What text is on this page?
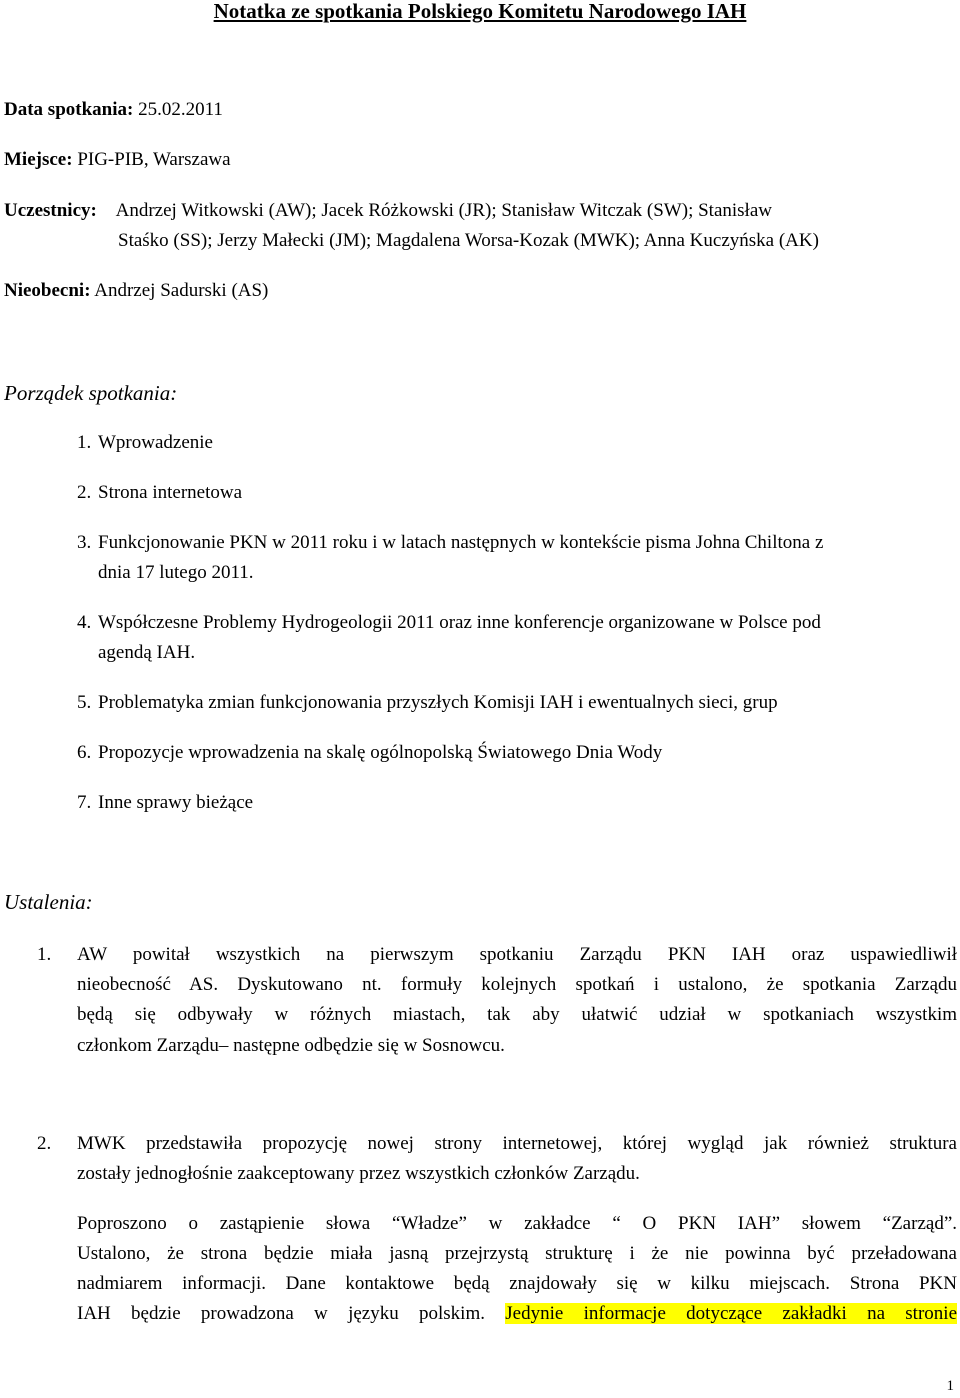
Notatka ze spotkania Polskiego Komitetu Narodowego IAH
Data spotkania: 25.02.2011
Miejsce: PIG-PIB, Warszawa
Uczestnicy: Andrzej Witkowski (AW); Jacek Różkowski (JR); Stanisław Witczak (SW); Stanisław
Staśko (SS); Jerzy Małecki (JM); Magdalena Worsa-Kozak (MWK); Anna Kuczyńska (AK)
Nieobecni: Andrzej Sadurski (AS)
Porządek spotkania:
1. Wprowadzenie
2. Strona internetowa
3. Funkcjonowanie PKN w 2011 roku i w latach następnych w kontekście pisma Johna Chiltona z
dnia 17 lutego 2011.
4. Współczesne Problemy Hydrogeologii 2011 oraz inne konferencje organizowane w Polsce pod
agendą IAH.
5. Problematyka zmian funkcjonowania przyszłych Komisji IAH i ewentualnych sieci, grup
6. Propozycje wprowadzenia na skalę ogólnopolską Światowego Dnia Wody
7. Inne sprawy bieżące
Ustalenia:
1. AW powitał wszystkich na pierwszym spotkaniu Zarządu PKN IAH oraz uspawiedliwił
nieobecność AS. Dyskutowano nt. formuły kolejnych spotkań i ustalono, że spotkania Zarządu
będą się odbywały w różnych miastach, tak aby ułatwić udział w spotkaniach wszystkim
członkom Zarządu– następne odbędzie się w Sosnowcu.
2. MWK przedstawiła propozycję nowej strony internetowej, której wygląd jak również struktura
zostały jednogłośnie zaakceptowany przez wszystkich członków Zarządu.
Poproszono o zastąpienie słowa “Władze” w zakładce “ O PKN IAH” słowem “Zarząd”.
Ustalono, że strona będzie miała jasną przejrzystą strukturę i że nie powinna być przeładowana
nadmiarem informacji. Dane kontaktowe będą znajdowały się w kilku miejscach. Strona PKN
IAH będzie prowadzona w języku polskim. Jedynie informacje dotyczące zakładki na stronie
1
